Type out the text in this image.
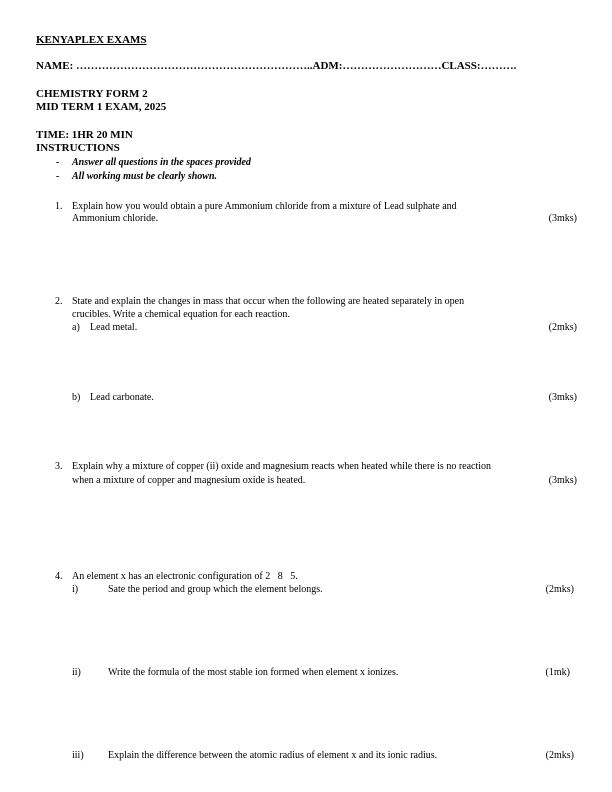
KENYAPLEX EXAMS
NAME: ………………………………………………………..ADM:………………………CLASS:……….
CHEMISTRY FORM 2
MID TERM 1 EXAM, 2025
TIME: 1HR 20 MIN
INSTRUCTIONS
- Answer all questions in the spaces provided
- All working must be clearly shown.
1. Explain how you would obtain a pure Ammonium chloride from a mixture of Lead sulphate and
Ammonium chloride.	(3mks)
2. State and explain the changes in mass that occur when the following are heated separately in open
crucibles. Write a chemical equation for each reaction.
a) Lead metal.	(2mks)
b) Lead carbonate.	(3mks)
3. Explain why a mixture of copper (ii) oxide and magnesium reacts when heated while there is no reaction
when a mixture of copper and magnesium oxide is heated.	(3mks)
4. An element x has an electronic configuration of 2   8   5.
i)	Sate the period and group which the element belongs.	(2mks)
ii)	Write the formula of the most stable ion formed when element x ionizes.	(1mk)
iii) Explain the difference between the atomic radius of element x and its ionic radius.	(2mks)
